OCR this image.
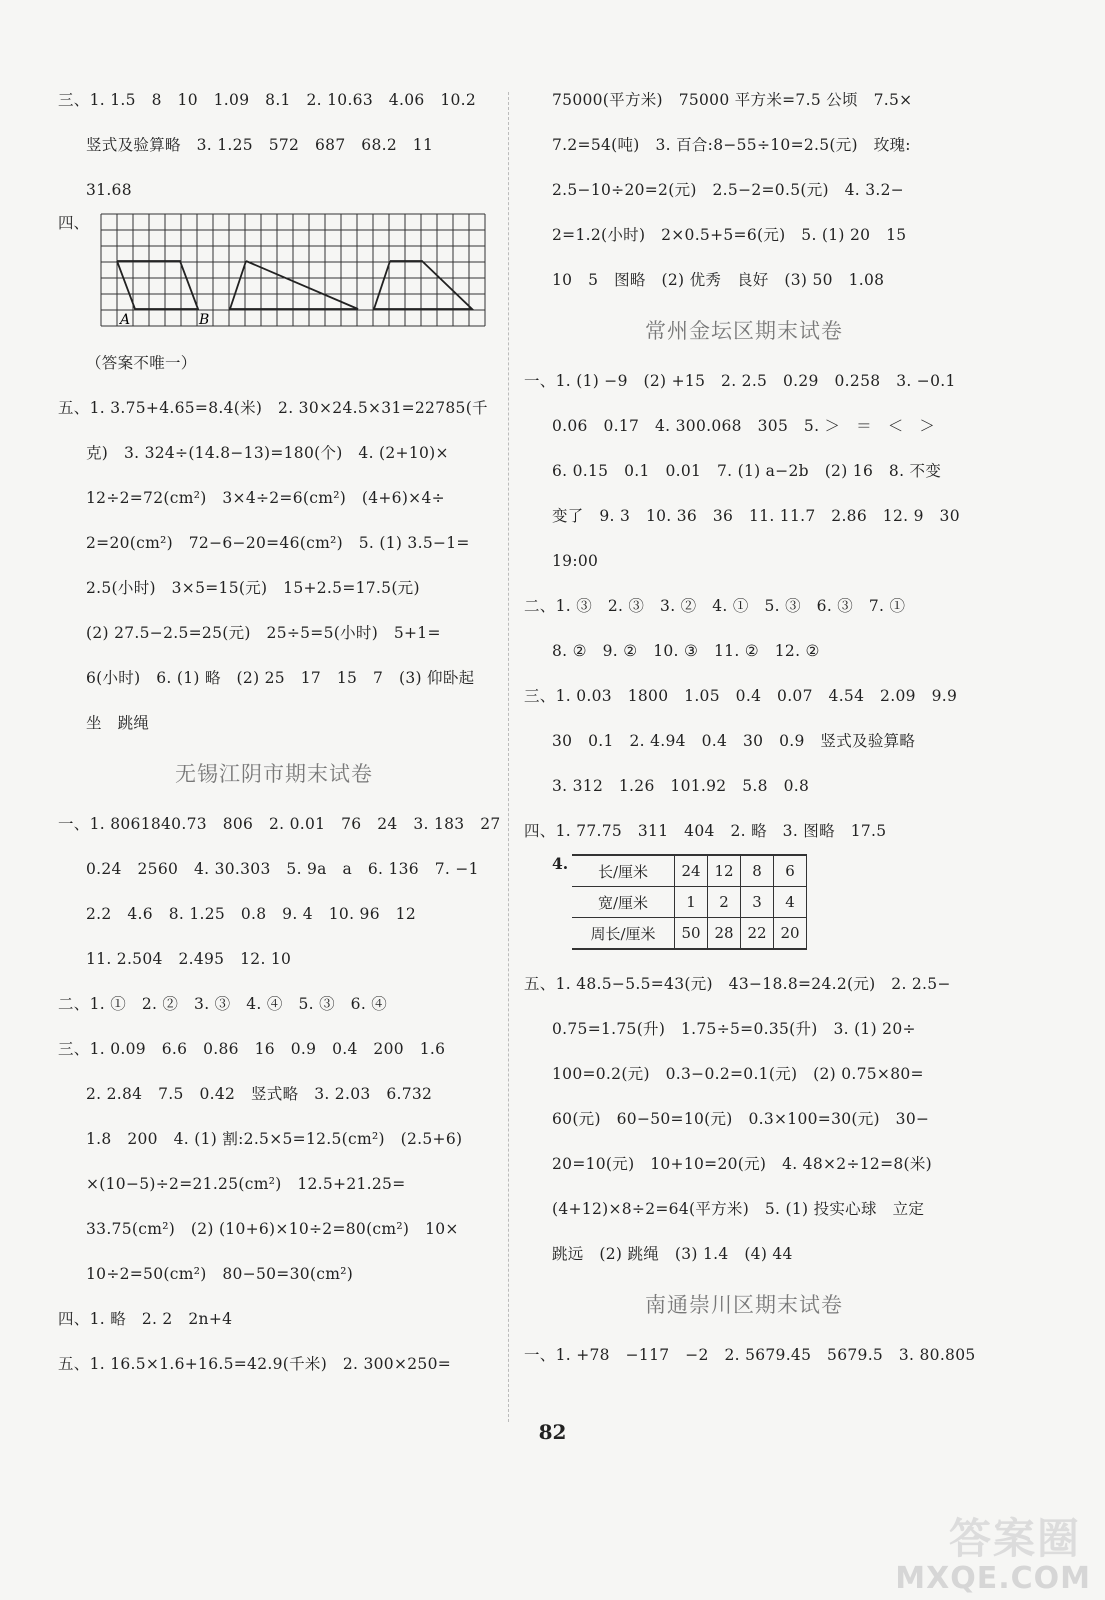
三、1. 1.5　8　10　1.09　8.1　2. 10.63　4.06　10.2
竖式及验算略　3. 1.25　572　687　68.2　11
31.68
四、
A	B
（答案不唯一）
五、1. 3.75+4.65=8.4(米)　2. 30×24.5×31=22785(千
克)　3. 324÷(14.8−13)=180(个)　4. (2+10)×
12÷2=72(cm²)　3×4÷2=6(cm²)　(4+6)×4÷
2=20(cm²)　72−6−20=46(cm²)　5. (1) 3.5−1=
2.5(小时)　3×5=15(元)　15+2.5=17.5(元)
(2) 27.5−2.5=25(元)　25÷5=5(小时)　5+1=
6(小时)　6. (1) 略　(2) 25　17　15　7　(3) 仰卧起
坐　跳绳
无锡江阴市期末试卷
一、1. 8061840.73　806　2. 0.01　76　24　3. 183　27
0.24　2560　4. 30.303　5. 9a　a　6. 136　7. −1
2.2　4.6　8. 1.25　0.8　9. 4　10. 96　12
11. 2.504　2.495　12. 10
二、1. ①　2. ②　3. ③　4. ④　5. ③　6. ④
三、1. 0.09　6.6　0.86　16　0.9　0.4　200　1.6
2. 2.84　7.5　0.42　竖式略　3. 2.03　6.732
1.8　200　4. (1) 割:2.5×5=12.5(cm²)　(2.5+6)
×(10−5)÷2=21.25(cm²)　12.5+21.25=
33.75(cm²)　(2) (10+6)×10÷2=80(cm²)　10×
10÷2=50(cm²)　80−50=30(cm²)
四、1. 略　2. 2　2n+4
五、1. 16.5×1.6+16.5=42.9(千米)　2. 300×250=
75000(平方米)　75000 平方米=7.5 公顷　7.5×
7.2=54(吨)　3. 百合:8−55÷10=2.5(元)　玫瑰:
2.5−10÷20=2(元)　2.5−2=0.5(元)　4. 3.2−
2=1.2(小时)　2×0.5+5=6(元)　5. (1) 20　15
10　5　图略　(2) 优秀　良好　(3) 50　1.08
常州金坛区期末试卷
一、1. (1) −9　(2) +15　2. 2.5　0.29　0.258　3. −0.1
0.06　0.17　4. 300.068　305　5. ＞　＝　＜　＞
6. 0.15　0.1　0.01　7. (1) a−2b　(2) 16　8. 不变
变了　9. 3　10. 36　36　11. 11.7　2.86　12. 9　30
19:00
二、1. ③　2. ③　3. ②　4. ①　5. ③　6. ③　7. ①
8. ②　9. ②　10. ③　11. ②　12. ②
三、1. 0.03　1800　1.05　0.4　0.07　4.54　2.09　9.9
30　0.1　2. 4.94　0.4　30　0.9　竖式及验算略
3. 312　1.26　101.92　5.8　0.8
四、1. 77.75　311　404　2. 略　3. 图略　17.5
4. 长/厘米	24	12	8	6
宽/厘米	1	2	3	4
周长/厘米	50	28	22	20
五、1. 48.5−5.5=43(元)　43−18.8=24.2(元)　2. 2.5−
0.75=1.75(升)　1.75÷5=0.35(升)　3. (1) 20÷
100=0.2(元)　0.3−0.2=0.1(元)　(2) 0.75×80=
60(元)　60−50=10(元)　0.3×100=30(元)　30−
20=10(元)　10+10=20(元)　4. 48×2÷12=8(米)
(4+12)×8÷2=64(平方米)　5. (1) 投实心球　立定
跳远　(2) 跳绳　(3) 1.4　(4) 44
南通崇川区期末试卷
一、1. +78　−117　−2　2. 5679.45　5679.5　3. 80.805
82
答案圈
MXQE.COM
